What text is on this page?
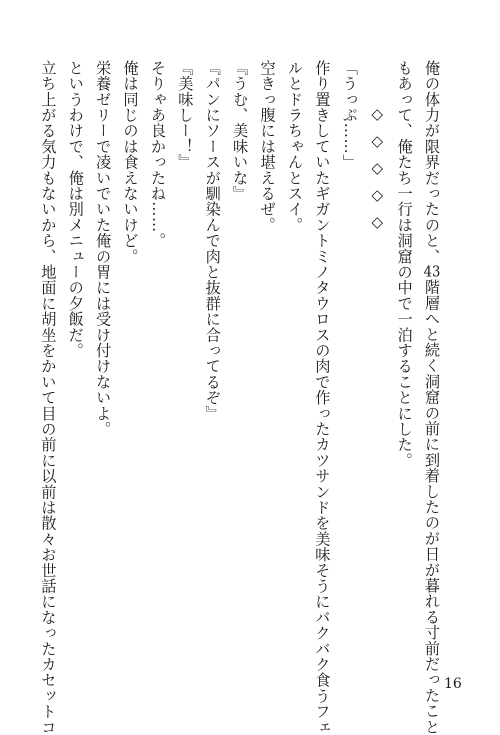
俺の体力が限界だったのと、43階層へと続く洞窟の前に到着したのが日が暮れる寸前だったこと
もあって、俺たち一行は洞窟の中で一泊することにした。
◇◇◇◇◇
「うっぷ……」
作り置きしていたギガントミノタウロスの肉で作ったカツサンドを美味そうにバクバク食うフェ
ルとドラちゃんとスイ。
空きっ腹には堪えるぜ。
『うむ、美味いな』
『パンにソースが馴染んで肉と抜群に合ってるぞ』
『美味しー！』
そりゃあ良かったね……。
俺は同じのは食えないけど。
栄養ゼリーで凌いでいた俺の胃には受け付けないよ。
というわけで、俺は別メニューの夕飯だ。
立ち上がる気力もないから、地面に胡坐をかいて目の前に以前は散々お世話になったカセットコ	16
